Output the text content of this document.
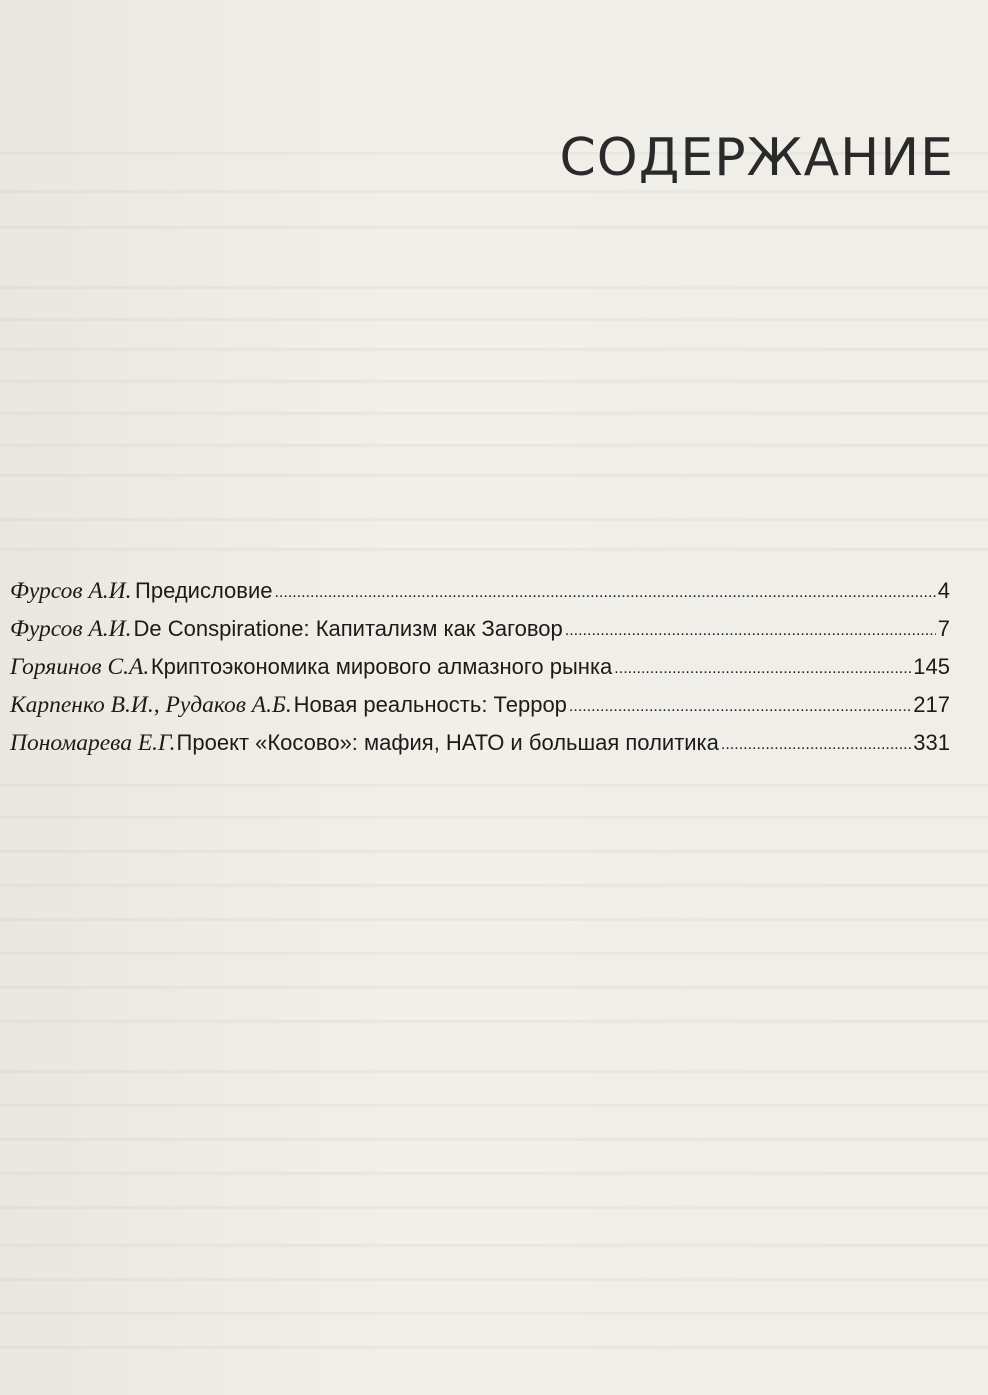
СОДЕРЖАНИЕ
Фурсов А.И. Предисловие .....	4
Фурсов А.И. De Conspiratione: Капитализм как Заговор .....	7
Горяинов С.А. Криптоэкономика мирового алмазного рынка .....	145
Карпенко В.И., Рудаков А.Б. Новая реальность: Террор .....	217
Пономарева Е.Г. Проект «Косово»: мафия, НАТО и большая политика .....	331
